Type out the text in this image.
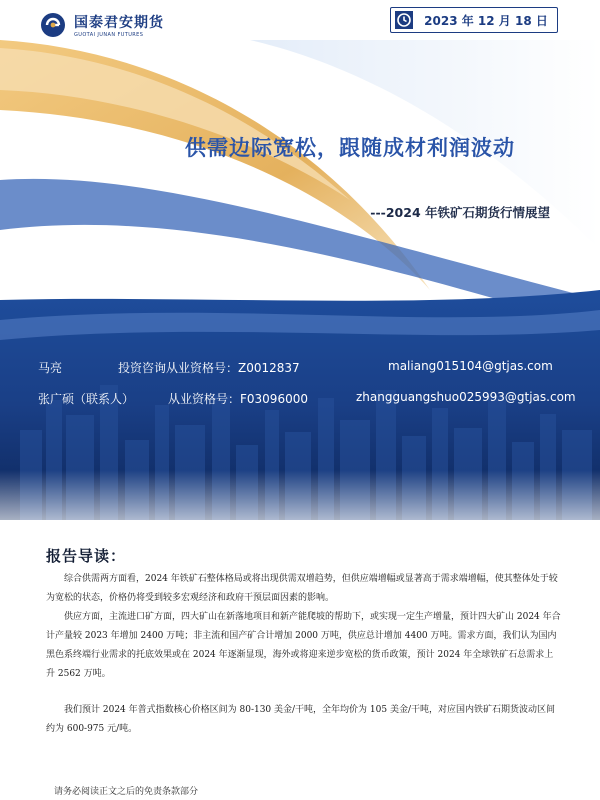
国泰君安期货
GUOTAI JUNAN FUTURES
2023 年 12 月 18 日
供需边际宽松，跟随成材利润波动
---2024 年铁矿石期货行情展望
马亮	投资咨询从业资格号：Z0012837	maliang015104@gtjas.com
张广硕（联系人）	从业资格号：F03096000	zhangguangshuo025993@gtjas.com
报告导读：

综合供需两方面看，2024 年铁矿石整体格局或将出现供需双增趋势，但供应端增幅或显著高于需求端增幅，使其整体处于较为宽松的状态，价格仍将受到较多宏观经济和政府干预层面因素的影响。

供应方面，主流进口矿方面，四大矿山在新落地项目和新产能爬坡的帮助下，或实现一定生产增量，预计四大矿山 2024 年合计产量较 2023 年增加 2400 万吨；非主流和国产矿合计增加 2000 万吨，供应总计增加 4400 万吨。需求方面，我们认为国内黑色系终端行业需求的托底效果或在 2024 年逐渐显现，海外或将迎来逆步宽松的货币政策，预计 2024 年全球铁矿石总需求上升 2562 万吨。

我们预计 2024 年普式指数核心价格区间为 80-130 美金/干吨，全年均价为 105 美金/干吨，对应国内铁矿石期货波动区间约为 600-975 元/吨。

请务必阅读正文之后的免责条款部分
